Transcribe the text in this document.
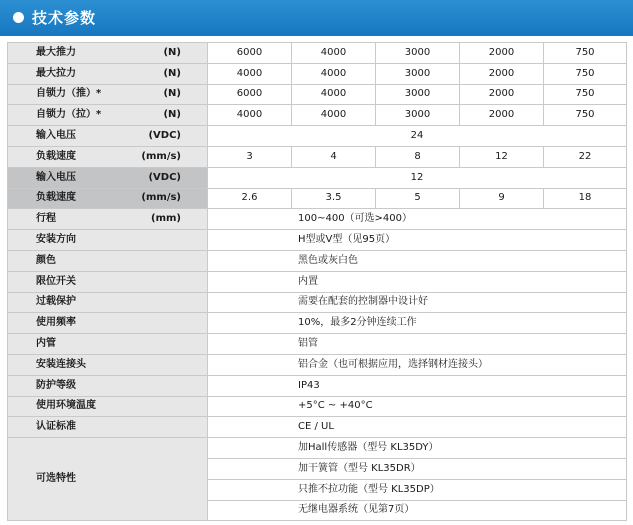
技术参数
最大推力 (N)	6000	4000	3000	2000	750

最大拉力 (N)	4000	4000	3000	2000	750

自锁力（推）* (N)	6000	4000	3000	2000	750

自锁力（拉）* (N)	4000	4000	3000	2000	750

输入电压 (VDC)	24				

负载速度 (mm/s)	3	4	8	12	22

输入电压 (VDC)	12				

负载速度 (mm/s)	2.6	3.5	5	9	18

行程 (mm)	100~400（可选>400）				

安装方向	H型或V型（见95页）				

颜色	黑色或灰白色				

限位开关	内置				

过载保护	需要在配套的控制器中设计好				

使用频率	10%，最多2分钟连续工作				

内管	铝管				

安装连接头	铝合金（也可根据应用，选择钢材连接头）				

防护等级	IP43				

使用环境温度	+5°C ~ +40°C				

认证标准	CE / UL				

可选特性	加Hall传感器（型号 KL35DY）				
	加干簧管（型号 KL35DR）				
	只推不拉功能（型号 KL35DP）				
	无继电器系统（见第7页）				
